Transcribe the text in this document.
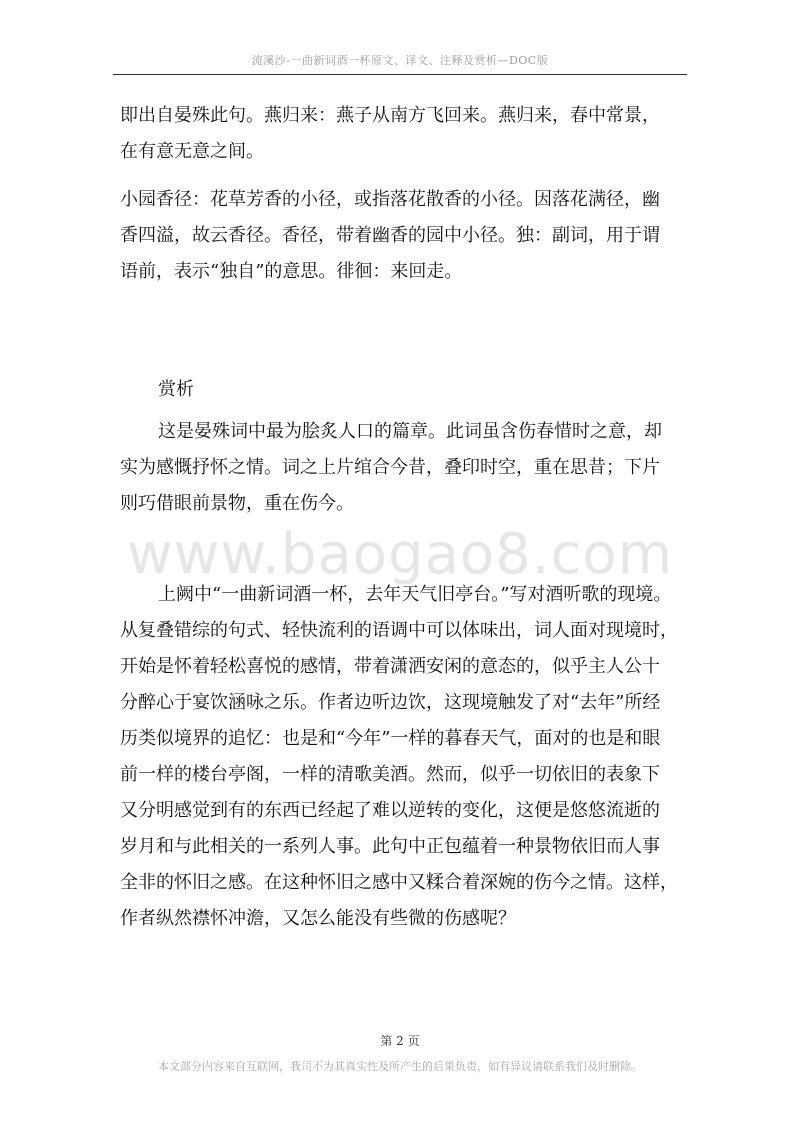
流溪沙-一曲新词酒一杯原文、译文、注释及赏析—DOC版
www.baogao8.com
即出自晏殊此句。燕归来：燕子从南方飞回来。燕归来，春中常景，
在有意无意之间。
小园香径：花草芳香的小径，或指落花散香的小径。因落花满径，幽
香四溢，故云香径。香径，带着幽香的园中小径。独：副词，用于谓
语前，表示“独自”的意思。徘徊：来回走。
赏析
这是晏殊词中最为脍炙人口的篇章。此词虽含伤春惜时之意，却
实为感慨抒怀之情。词之上片绾合今昔，叠印时空，重在思昔；下片
则巧借眼前景物，重在伤今。
上阙中“一曲新词酒一杯，去年天气旧亭台。”写对酒听歌的现境。
从复叠错综的句式、轻快流利的语调中可以体味出，词人面对现境时，
开始是怀着轻松喜悦的感情，带着潇洒安闲的意态的，似乎主人公十
分醉心于宴饮涵咏之乐。作者边听边饮，这现境触发了对“去年”所经
历类似境界的追忆：也是和“今年”一样的暮春天气，面对的也是和眼
前一样的楼台亭阁，一样的清歌美酒。然而，似乎一切依旧的表象下
又分明感觉到有的东西已经起了难以逆转的变化，这便是悠悠流逝的
岁月和与此相关的一系列人事。此句中正包蕴着一种景物依旧而人事
全非的怀旧之感。在这种怀旧之感中又糅合着深婉的伤今之情。这样，
作者纵然襟怀冲澹，又怎么能没有些微的伤感呢？
第 2 页
本文部分内容来自互联网，我司不为其真实性及所产生的后果负责，如有异议请联系我们及时删除。
